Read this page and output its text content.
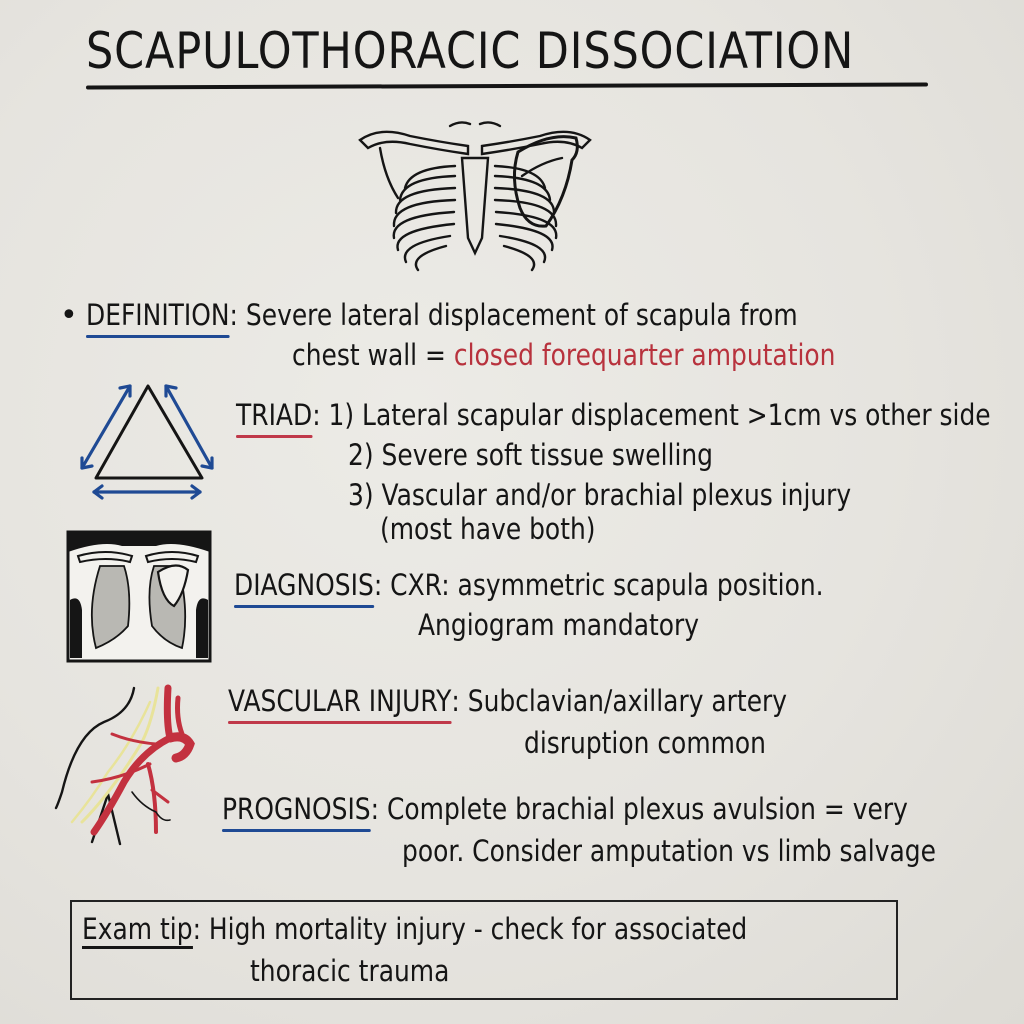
SCAPULOTHORACIC DISSOCIATION
• DEFINITION: Severe lateral displacement of scapula from
chest wall = closed forequarter amputation
TRIAD: 1) Lateral scapular displacement >1cm vs other side
2) Severe soft tissue swelling
3) Vascular and/or brachial plexus injury
(most have both)
DIAGNOSIS: CXR: asymmetric scapula position.
Angiogram mandatory
VASCULAR INJURY: Subclavian/axillary artery
disruption common
PROGNOSIS: Complete brachial plexus avulsion = very
poor. Consider amputation vs limb salvage
Exam tip: High mortality injury - check for associated
thoracic trauma
